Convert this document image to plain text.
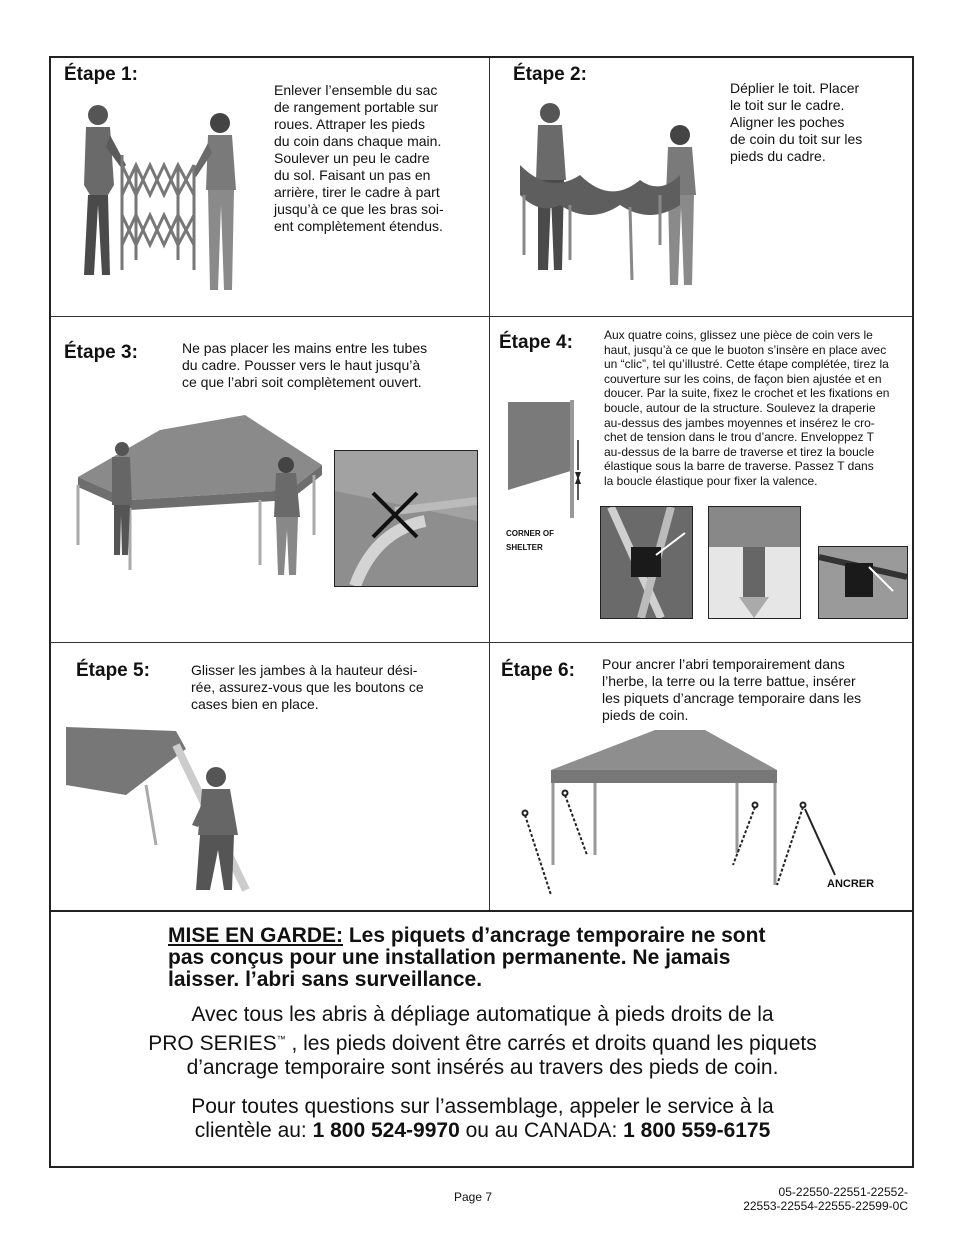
Étape 1:
Enlever l’ensemble du sac
de rangement portable sur
roues. Attraper les pieds
du coin dans chaque main.
Soulever un peu le cadre
du sol. Faisant un pas en
arrière, tirer le cadre à part
jusqu’à ce que les bras soi-
ent complètement étendus.
Étape 2:
Déplier le toit. Placer
le toit sur le cadre.
Aligner les poches
de coin du toit sur les
pieds du cadre.
Étape 3:	Ne pas placer les mains entre les tubes
du cadre. Pousser vers le haut jusqu’à
ce que l’abri soit complètement ouvert.
Étape 4:	Aux quatre coins, glissez une pièce de coin vers le
haut, jusqu’à ce que le buoton s’insère en place avec
un “clic”, tel qu’illustré. Cette étape complétée, tirez la
couverture sur les coins, de façon bien ajustée et en
doucer. Par la suite, fixez le crochet et les fixations en
boucle, autour de la structure. Soulevez la draperie
au-dessus des jambes moyennes et insérez le cro-
chet de tension dans le trou d’ancre. Enveloppez T
au-dessus de la barre de traverse et tirez la boucle
élastique sous la barre de traverse. Passez T dans
la boucle élastique pour fixer la valence.
CORNER OF
SHELTER
Étape 5:	Glisser les jambes à la hauteur dési-
rée, assurez-vous que les boutons ce
cases bien en place.
Étape 6: Pour ancrer l’abri temporairement dans
l’herbe, la terre ou la terre battue, insérer
les piquets d’ancrage temporaire dans les
pieds de coin.
ANCRER
MISE EN GARDE: Les piquets d’ancrage temporaire ne sont
pas conçus pour une installation permanente. Ne jamais
laisser. l’abri sans surveillance.
Avec tous les abris à dépliage automatique à pieds droits de la
PRO SERIES™ , les pieds doivent être carrés et droits quand les piquets
d’ancrage temporaire sont insérés au travers des pieds de coin.
Pour toutes questions sur l’assemblage, appeler le service à la
clientèle au: 1 800 524-9970 ou au CANADA: 1 800 559-6175
Page 7	05-22550-22551-22552-
22553-22554-22555-22599-0C
